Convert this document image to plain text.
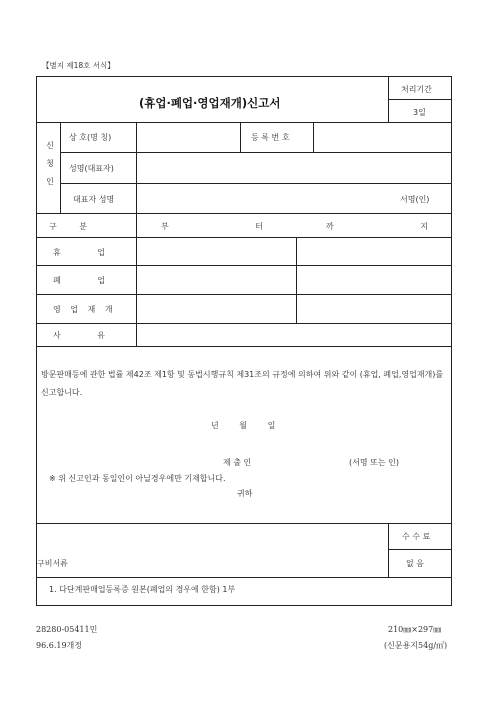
【별지 제18호 서식】
(휴업·폐업·영업재개)신고서
처리기간
3일
신
청
인
상 호(명 칭)	등 록 번 호
성명(대표자)
대표자 성명	서명(인)
구 분	부 터	까 지
휴 업
폐 업
영 업 재 개
사 유
방문판매등에 관한 법률 제42조 제1항 및 동법시행규칙 제31조의 규정에 의하여 위와 같이 (휴업, 폐업,영업재개)를 신고합니다.
년	월	일
제 출 인	(서명 또는 인)
※ 위 신고인과 동일인이 아닐경우에만 기재합니다.
귀하
수 수 료
없 음
구비서류
1. 다단계판매업등록증 원본(폐업의 경우에 한함) 1부
28280-05411민
96.6.19개정
210㎜×297㎜
(신문용지54g/㎡)
